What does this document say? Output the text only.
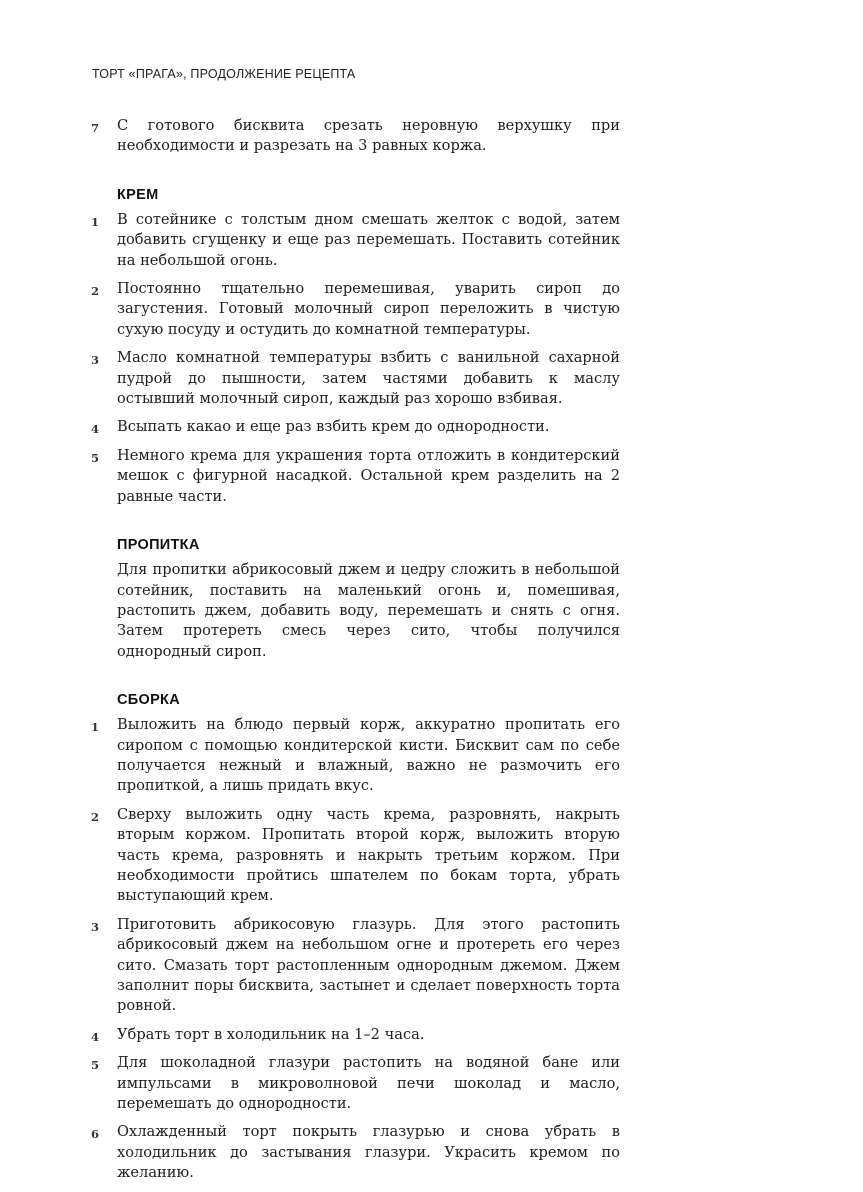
ТОРТ «ПРАГА», ПРОДОЛЖЕНИЕ РЕЦЕПТА
7 С готового бисквита срезать неровную верхушку при необходимости и разрезать на 3 равных коржа.
КРЕМ
1 В сотейнике с толстым дном смешать желток с водой, затем добавить сгущенку и еще раз перемешать. Поставить сотейник на небольшой огонь.
2 Постоянно тщательно перемешивая, уварить сироп до загустения. Готовый молочный сироп переложить в чистую сухую посуду и остудить до комнатной температуры.
3 Масло комнатной температуры взбить с ванильной сахарной пудрой до пышности, затем частями добавить к маслу остывший молочный сироп, каждый раз хорошо взбивая.
4 Всыпать какао и еще раз взбить крем до однородности.
5 Немного крема для украшения торта отложить в кондитерский мешок с фигурной насадкой. Остальной крем разделить на 2 равные части.
ПРОПИТКА
Для пропитки абрикосовый джем и цедру сложить в небольшой сотейник, поставить на маленький огонь и, помешивая, растопить джем, добавить воду, перемешать и снять с огня. Затем протереть смесь через сито, чтобы получился однородный сироп.
СБОРКА
1 Выложить на блюдо первый корж, аккуратно пропитать его сиропом с помощью кондитерской кисти. Бисквит сам по себе получается нежный и влажный, важно не размочить его пропиткой, а лишь придать вкус.
2 Сверху выложить одну часть крема, разровнять, накрыть вторым коржом. Пропитать второй корж, выложить вторую часть крема, разровнять и накрыть третьим коржом. При необходимости пройтись шпателем по бокам торта, убрать выступающий крем.
3 Приготовить абрикосовую глазурь. Для этого растопить абрикосовый джем на небольшом огне и протереть его через сито. Смазать торт растопленным однородным джемом. Джем заполнит поры бисквита, застынет и сделает поверхность торта ровной.
4 Убрать торт в холодильник на 1–2 часа.
5 Для шоколадной глазури растопить на водяной бане или импульсами в микроволновой печи шоколад и масло, перемешать до однородности.
6 Охлажденный торт покрыть глазурью и снова убрать в холодильник до застывания глазури. Украсить кремом по желанию.
